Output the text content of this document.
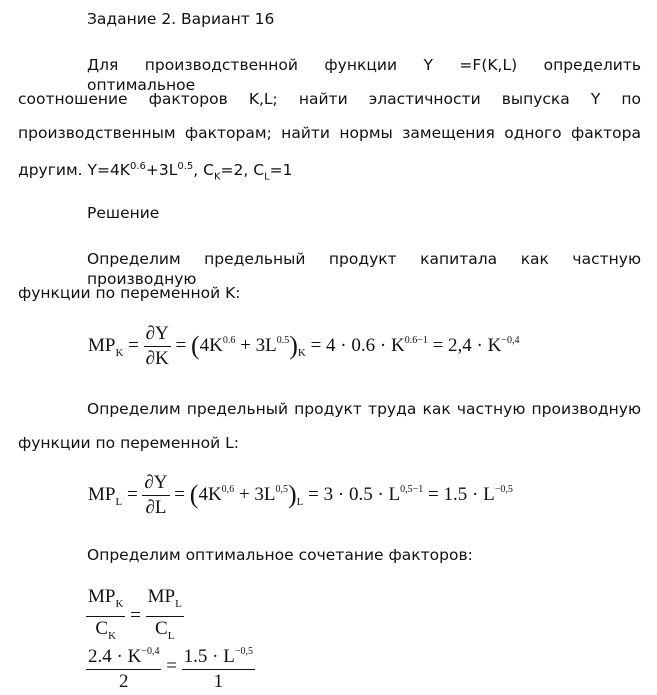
Задание 2. Вариант 16
Для производственной функции Y =F(K,L) определить оптимальное
соотношение факторов K,L; найти эластичности выпуска Y по
производственным факторам; найти нормы замещения одного фактора
другим. $Y=4K^{0.6}+3L^{0.5}$, $C_K=2$, $C_L=1$
Решение
Определим предельный продукт капитала как частную производную
функции по переменной K:
$MP_K = \frac{\partial Y}{\partial K} = (4K^{0.6} + 3L^{0.5})_K = 4 \cdot 0.6 \cdot K^{0.6-1} = 2,4 \cdot K^{-0,4}$
Определим предельный продукт труда как частную производную
функции по переменной L:
$MP_L = \frac{\partial Y}{\partial L} = (4K^{0,6} + 3L^{0,5})_L = 3 \cdot 0.5 \cdot L^{0,5-1} = 1.5 \cdot L^{-0,5}$
Определим оптимальное сочетание факторов:
$\frac{MP_K}{C_K} = \frac{MP_L}{C_L}$
$\frac{2.4 \cdot K^{-0,4}}{2} = \frac{1.5 \cdot L^{-0,5}}{1}$
